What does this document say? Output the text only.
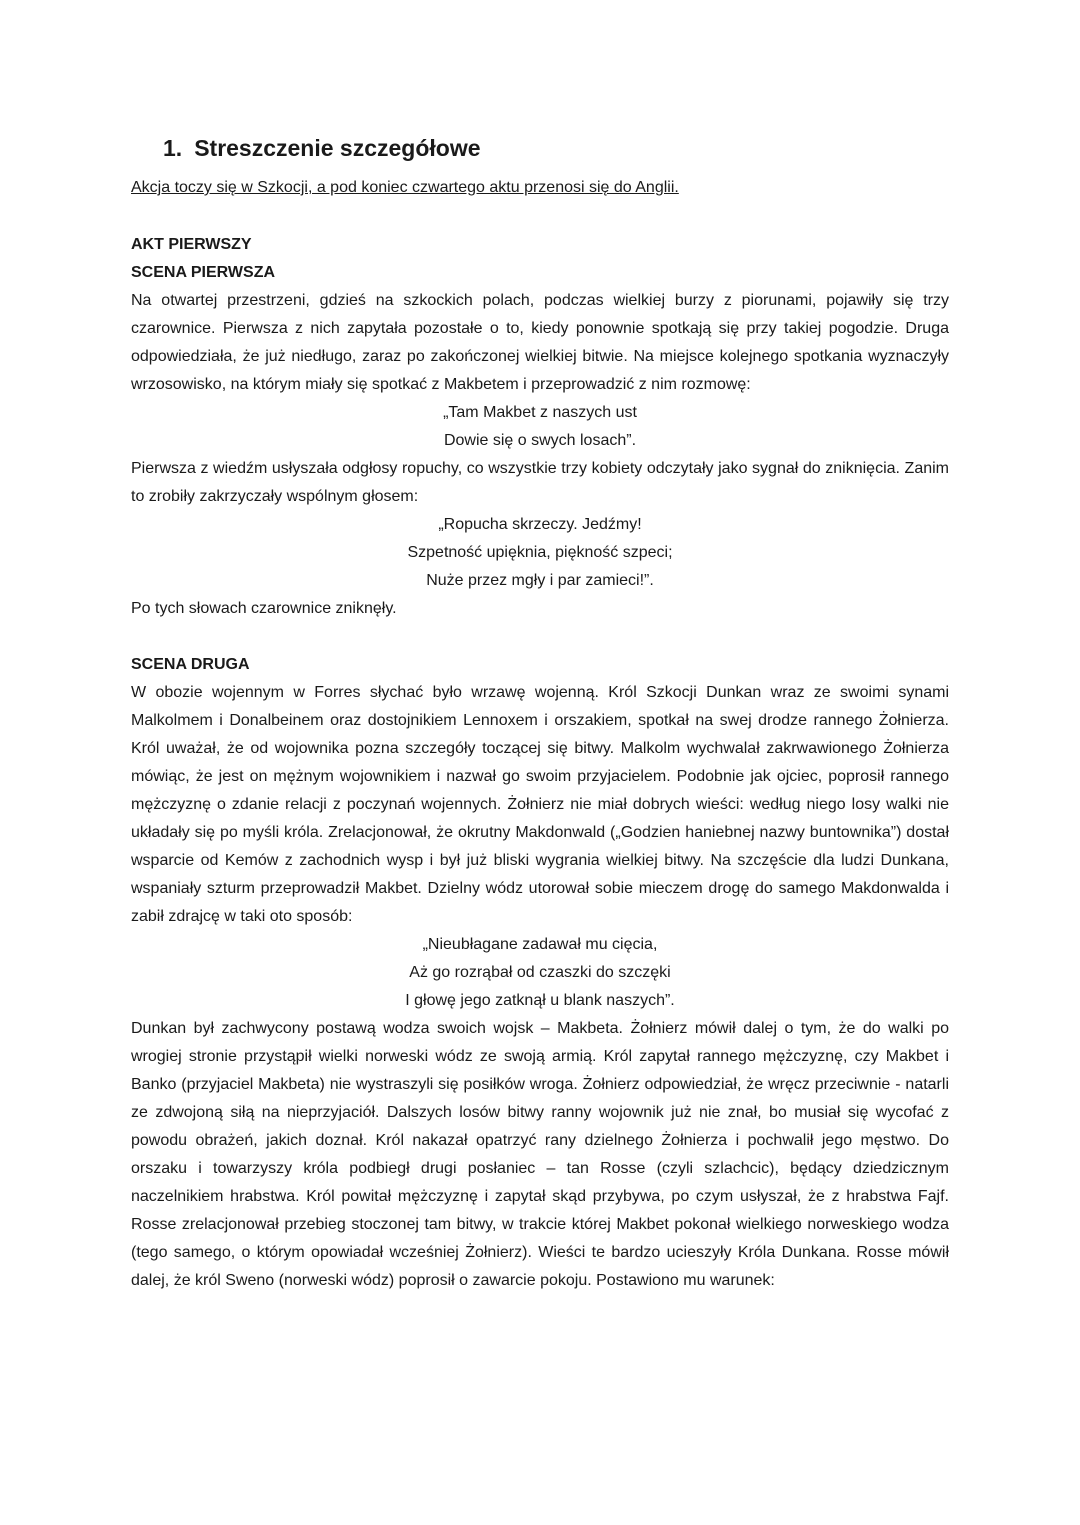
1. Streszczenie szczegółowe

Akcja toczy się w Szkocji, a pod koniec czwartego aktu przenosi się do Anglii.

AKT PIERWSZY

SCENA PIERWSZA

Na otwartej przestrzeni, gdzieś na szkockich polach, podczas wielkiej burzy z piorunami, pojawiły się trzy czarownice. Pierwsza z nich zapytała pozostałe o to, kiedy ponownie spotkają się przy takiej pogodzie. Druga odpowiedziała, że już niedługo, zaraz po zakończonej wielkiej bitwie. Na miejsce kolejnego spotkania wyznaczyły wrzosowisko, na którym miały się spotkać z Makbetem i przeprowadzić z nim rozmowę:

„Tam Makbet z naszych ust

Dowie się o swych losach”.

Pierwsza z wiedźm usłyszała odgłosy ropuchy, co wszystkie trzy kobiety odczytały jako sygnał do zniknięcia. Zanim to zrobiły zakrzyczały wspólnym głosem:

„Ropucha skrzeczy. Jedźmy!

Szpetność upięknia, piękność szpeci;

Nuże przez mgły i par zamieci!”.

Po tych słowach czarownice zniknęły.

SCENA DRUGA

W obozie wojennym w Forres słychać było wrzawę wojenną. Król Szkocji Dunkan wraz ze swoimi synami Malkolmem i Donalbeinem oraz dostojnikiem Lennoxem i orszakiem, spotkał na swej drodze rannego Żołnierza. Król uważał, że od wojownika pozna szczegóły toczącej się bitwy. Malkolm wychwalał zakrwawionego Żołnierza mówiąc, że jest on mężnym wojownikiem i nazwał go swoim przyjacielem. Podobnie jak ojciec, poprosił rannego mężczyznę o zdanie relacji z poczynań wojennych. Żołnierz nie miał dobrych wieści: według niego losy walki nie układały się po myśli króla. Zrelacjonował, że okrutny Makdonwald („Godzien haniebnej nazwy buntownika”) dostał wsparcie od Kemów z zachodnich wysp i był już bliski wygrania wielkiej bitwy. Na szczęście dla ludzi Dunkana, wspaniały szturm przeprowadził Makbet. Dzielny wódz utorował sobie mieczem drogę do samego Makdonwalda i zabił zdrajcę w taki oto sposób:

„Nieubłagane zadawał mu cięcia,

Aż go rozrąbał od czaszki do szczęki

I głowę jego zatknął u blank naszych”.

Dunkan był zachwycony postawą wodza swoich wojsk – Makbeta. Żołnierz mówił dalej o tym, że do walki po wrogiej stronie przystąpił wielki norweski wódz ze swoją armią. Król zapytał rannego mężczyznę, czy Makbet i Banko (przyjaciel Makbeta) nie wystraszyli się posiłków wroga. Żołnierz odpowiedział, że wręcz przeciwnie - natarli ze zdwojoną siłą na nieprzyjaciół. Dalszych losów bitwy ranny wojownik już nie znał, bo musiał się wycofać z powodu obrażeń, jakich doznał. Król nakazał opatrzyć rany dzielnego Żołnierza i pochwalił jego męstwo. Do orszaku i towarzyszy króla podbiegł drugi posłaniec – tan Rosse (czyli szlachcic), będący dziedzicznym naczelnikiem hrabstwa. Król powitał mężczyznę i zapytał skąd przybywa, po czym usłyszał, że z hrabstwa Fajf. Rosse zrelacjonował przebieg stoczonej tam bitwy, w trakcie której Makbet pokonał wielkiego norweskiego wodza (tego samego, o którym opowiadał wcześniej Żołnierz). Wieści te bardzo ucieszyły Króla Dunkana. Rosse mówił dalej, że król Sweno (norweski wódz) poprosił o zawarcie pokoju. Postawiono mu warunek:
